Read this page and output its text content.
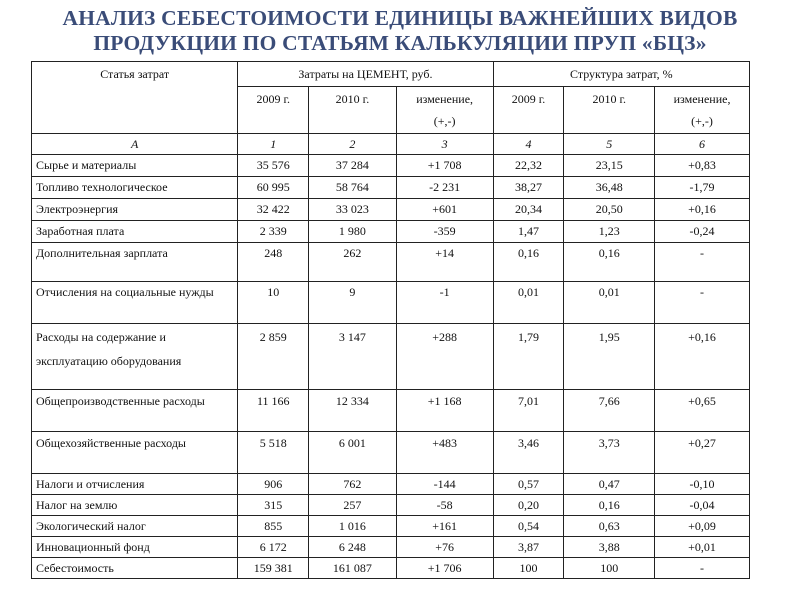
АНАЛИЗ СЕБЕСТОИМОСТИ ЕДИНИЦЫ ВАЖНЕЙШИХ ВИДОВ
ПРОДУКЦИИ ПО СТАТЬЯМ КАЛЬКУЛЯЦИИ ПРУП «БЦЗ»
Статья затрат	Затраты на ЦЕМЕНТ, руб.			Структура затрат, %		
	2009 г.	2010 г.	изменение,
(+,-)	2009 г.	2010 г.	изменение,
(+,-)
А	1	2	3	4	5	6
Сырье и материалы	35 576	37 284	+1 708	22,32	23,15	+0,83
Топливо технологическое	60 995	58 764	-2 231	38,27	36,48	-1,79
Электроэнергия	32 422	33 023	+601	20,34	20,50	+0,16
Заработная плата	2 339	1 980	-359	1,47	1,23	-0,24
Дополнительная зарплата	248	262	+14	0,16	0,16	-
Отчисления на социальные нужды	10	9	-1	0,01	0,01	-
Расходы на содержание и эксплуатацию оборудования	2 859	3 147	+288	1,79	1,95	+0,16
Общепроизводственные расходы	11 166	12 334	+1 168	7,01	7,66	+0,65
Общехозяйственные расходы	5 518	6 001	+483	3,46	3,73	+0,27
Налоги и отчисления	906	762	-144	0,57	0,47	-0,10
Налог на землю	315	257	-58	0,20	0,16	-0,04
Экологический налог	855	1 016	+161	0,54	0,63	+0,09
Инновационный фонд	6 172	6 248	+76	3,87	3,88	+0,01
Себестоимость	159 381	161 087	+1 706	100	100	-
